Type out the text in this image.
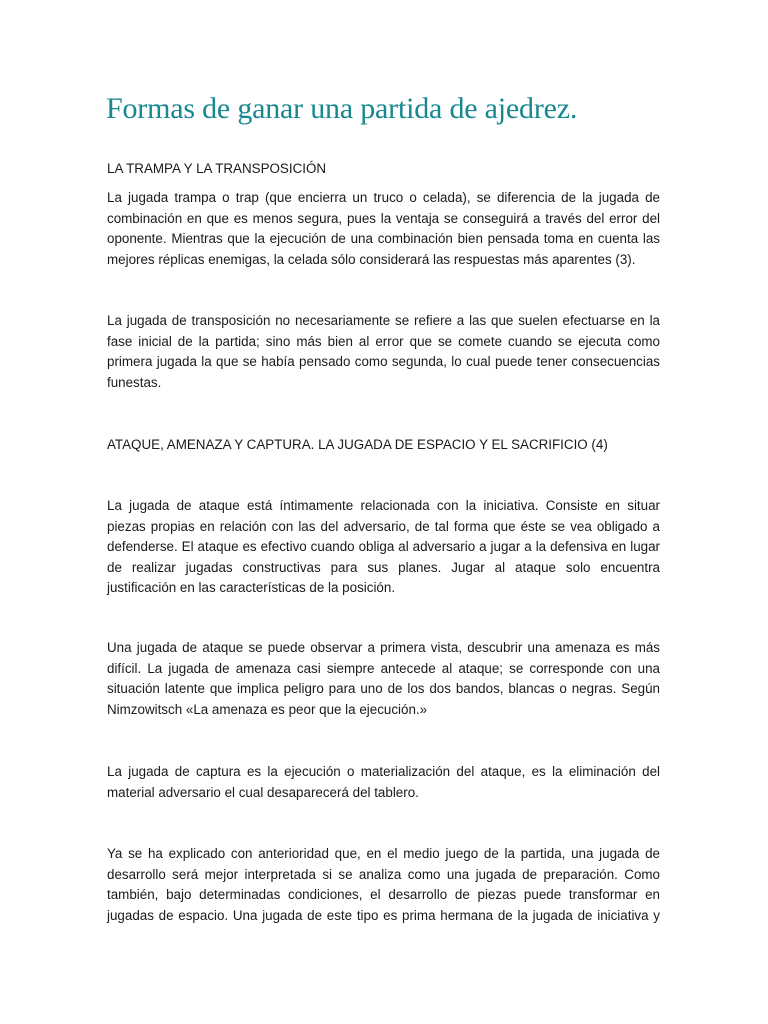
Formas de ganar una partida de ajedrez.

LA TRAMPA Y LA TRANSPOSICIÓN

La jugada trampa o trap (que encierra un truco o celada), se diferencia de la jugada de combinación en que es menos segura, pues la ventaja se conseguirá a través del error del oponente. Mientras que la ejecución de una combinación bien pensada toma en cuenta las mejores réplicas enemigas, la celada sólo considerará las respuestas más aparentes (3).

La jugada de transposición no necesariamente se refiere a las que suelen efectuarse en la fase inicial de la partida; sino más bien al error que se comete cuando se ejecuta como primera jugada la que se había pensado como segunda, lo cual puede tener consecuencias funestas.

ATAQUE, AMENAZA Y CAPTURA. LA JUGADA DE ESPACIO Y EL SACRIFICIO (4)

La jugada de ataque está íntimamente relacionada con la iniciativa. Consiste en situar piezas propias en relación con las del adversario, de tal forma que éste se vea obligado a defenderse. El ataque es efectivo cuando obliga al adversario a jugar a la defensiva en lugar de realizar jugadas constructivas para sus planes. Jugar al ataque solo encuentra justificación en las características de la posición.

Una jugada de ataque se puede observar a primera vista, descubrir una amenaza es más difícil. La jugada de amenaza casi siempre antecede al ataque; se corresponde con una situación latente que implica peligro para uno de los dos bandos, blancas o negras. Según Nimzowitsch «La amenaza es peor que la ejecución.»

La jugada de captura es la ejecución o materialización del ataque, es la eliminación del material adversario el cual desaparecerá del tablero.

Ya se ha explicado con anterioridad que, en el medio juego de la partida, una jugada de desarrollo será mejor interpretada si se analiza como una jugada de preparación. Como también, bajo determinadas condiciones, el desarrollo de piezas puede transformar en jugadas de espacio. Una jugada de este tipo es prima hermana de la jugada de iniciativa y
